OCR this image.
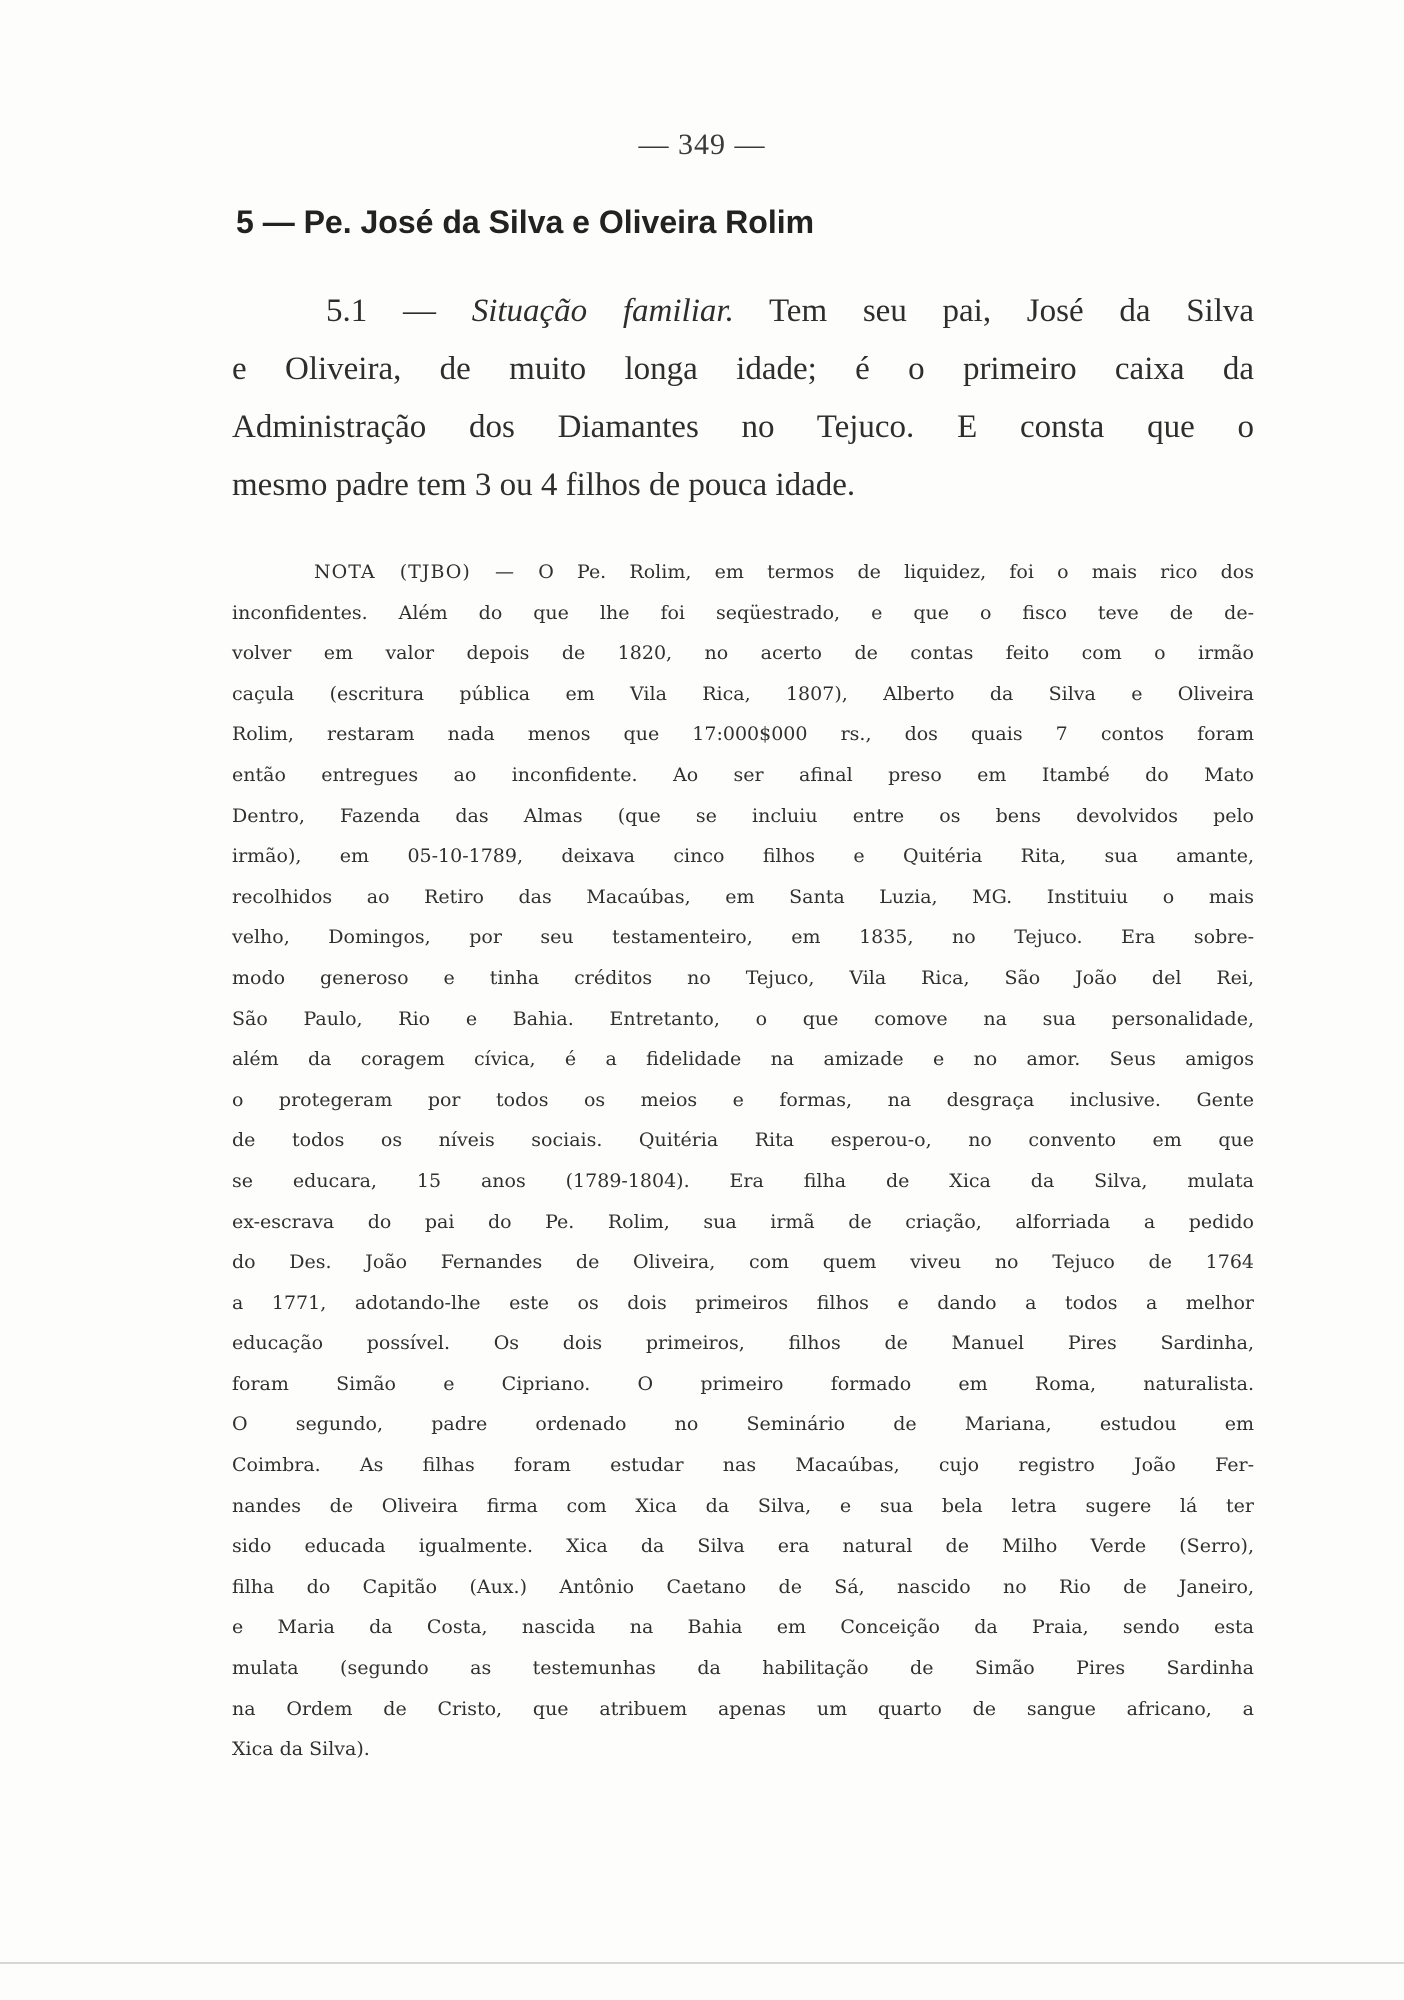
— 349 —
5 — Pe. José da Silva e Oliveira Rolim
5.1 — Situação familiar. Tem seu pai, José da Silva
e Oliveira, de muito longa idade; é o primeiro caixa da
Administração dos Diamantes no Tejuco. E consta que o
mesmo padre tem 3 ou 4 filhos de pouca idade.
NOTA (TJBO) — O Pe. Rolim, em termos de liquidez, foi o mais rico dos
inconfidentes. Além do que lhe foi seqüestrado, e que o fisco teve de de-
volver em valor depois de 1820, no acerto de contas feito com o irmão
caçula (escritura pública em Vila Rica, 1807), Alberto da Silva e Oliveira
Rolim, restaram nada menos que 17:000$000 rs., dos quais 7 contos foram
então entregues ao inconfidente. Ao ser afinal preso em Itambé do Mato
Dentro, Fazenda das Almas (que se incluiu entre os bens devolvidos pelo
irmão), em 05-10-1789, deixava cinco filhos e Quitéria Rita, sua amante,
recolhidos ao Retiro das Macaúbas, em Santa Luzia, MG. Instituiu o mais
velho, Domingos, por seu testamenteiro, em 1835, no Tejuco. Era sobre-
modo generoso e tinha créditos no Tejuco, Vila Rica, São João del Rei,
São Paulo, Rio e Bahia. Entretanto, o que comove na sua personalidade,
além da coragem cívica, é a fidelidade na amizade e no amor. Seus amigos
o protegeram por todos os meios e formas, na desgraça inclusive. Gente
de todos os níveis sociais. Quitéria Rita esperou-o, no convento em que
se educara, 15 anos (1789-1804). Era filha de Xica da Silva, mulata
ex-escrava do pai do Pe. Rolim, sua irmã de criação, alforriada a pedido
do Des. João Fernandes de Oliveira, com quem viveu no Tejuco de 1764
a 1771, adotando-lhe este os dois primeiros filhos e dando a todos a melhor
educação possível. Os dois primeiros, filhos de Manuel Pires Sardinha,
foram Simão e Cipriano. O primeiro formado em Roma, naturalista.
O segundo, padre ordenado no Seminário de Mariana, estudou em
Coimbra. As filhas foram estudar nas Macaúbas, cujo registro João Fer-
nandes de Oliveira firma com Xica da Silva, e sua bela letra sugere lá ter
sido educada igualmente. Xica da Silva era natural de Milho Verde (Serro),
filha do Capitão (Aux.) Antônio Caetano de Sá, nascido no Rio de Janeiro,
e Maria da Costa, nascida na Bahia em Conceição da Praia, sendo esta
mulata (segundo as testemunhas da habilitação de Simão Pires Sardinha
na Ordem de Cristo, que atribuem apenas um quarto de sangue africano, a
Xica da Silva).
